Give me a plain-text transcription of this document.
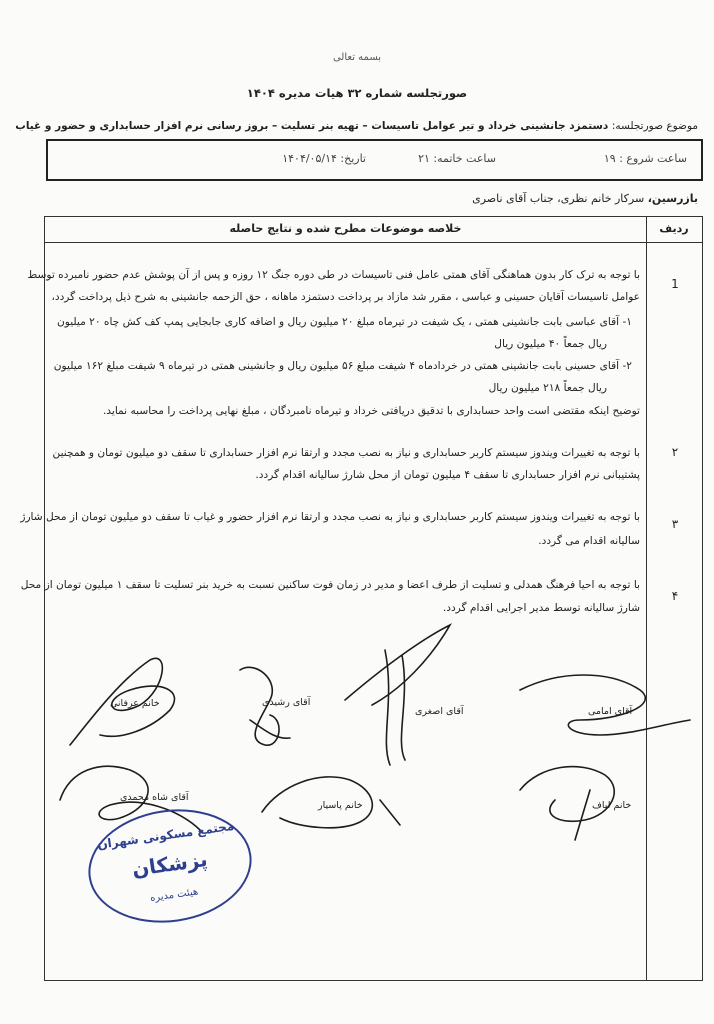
بسمه تعالی
صورتجلسه شماره ۳۲ هیات مدیره ۱۴۰۴
موضوع صورتجلسه: دستمزد جانشینی خرداد و تیر عوامل تاسیسات – تهیه بنر تسلیت – بروز رسانی نرم افزار حسابداری و حضور و غیاب
ساعت شروع : ۱۹
ساعت خاتمه: ۲۱
تاریخ: ۱۴۰۴/۰۵/۱۴
بازرسین، سرکار خانم نظری، جناب آقای ناصری
ردیف
خلاصه موضوعات مطرح شده و نتایج حاصله
1
با توجه به ترک کار بدون هماهنگی آقای همتی عامل فنی تاسیسات در طی دوره جنگ ۱۲ روزه و پس از آن پوشش عدم حضور نامبرده توسط
عوامل تاسیسات آقایان حسینی و عباسی ، مقرر شد مازاد بر پرداخت دستمزد ماهانه ، حق الزحمه جانشینی به شرح ذیل پرداخت گردد،
۱- آقای عباسی بابت جانشینی همتی ، یک شیفت در تیرماه مبلغ ۲۰ میلیون ریال و اضافه کاری جابجایی پمپ کف کش چاه ۲۰ میلیون
ریال جمعاً ۴۰ میلیون ریال
۲- آقای حسینی بابت جانشینی همتی در خردادماه ۴ شیفت مبلغ ۵۶ میلیون ریال و جانشینی همتی در تیرماه ۹ شیفت مبلغ ۱۶۲ میلیون
ریال جمعاً ۲۱۸ میلیون ریال
توضیح اینکه مقتضی است واحد حسابداری با تدقیق دریافتی خرداد و تیرماه نامبردگان ، مبلغ نهایی پرداخت را محاسبه نماید.
۲
با توجه به تغییرات ویندوز سیستم کاربر حسابداری و نیاز به نصب مجدد و ارتقا نرم افزار حسابداری تا سقف دو میلیون تومان و همچنین
پشتیبانی نرم افزار حسابداری تا سقف ۴ میلیون تومان از محل شارژ سالیانه اقدام گردد.
۳
با توجه به تغییرات ویندوز سیستم کاربر حسابداری و نیاز به نصب مجدد و ارتقا نرم افزار حضور و غیاب تا سقف دو میلیون تومان از محل شارژ
سالیانه اقدام می گردد.
۴
با توجه به احیا فرهنگ همدلی و تسلیت از طرف اعضا و مدیر در زمان فوت ساکنین نسبت به خرید بنر تسلیت تا سقف ۱ میلیون تومان از محل
شارژ سالیانه توسط مدیر اجرایی اقدام گردد.
خانم عرفانی	آقای رشیدی
آقای اصغری	آقای امامی
آقای شاه محمدی
خانم پاسیار	خانم لباف
مجتمع مسکونی شهران
پزشکان
هیئت مدیره
